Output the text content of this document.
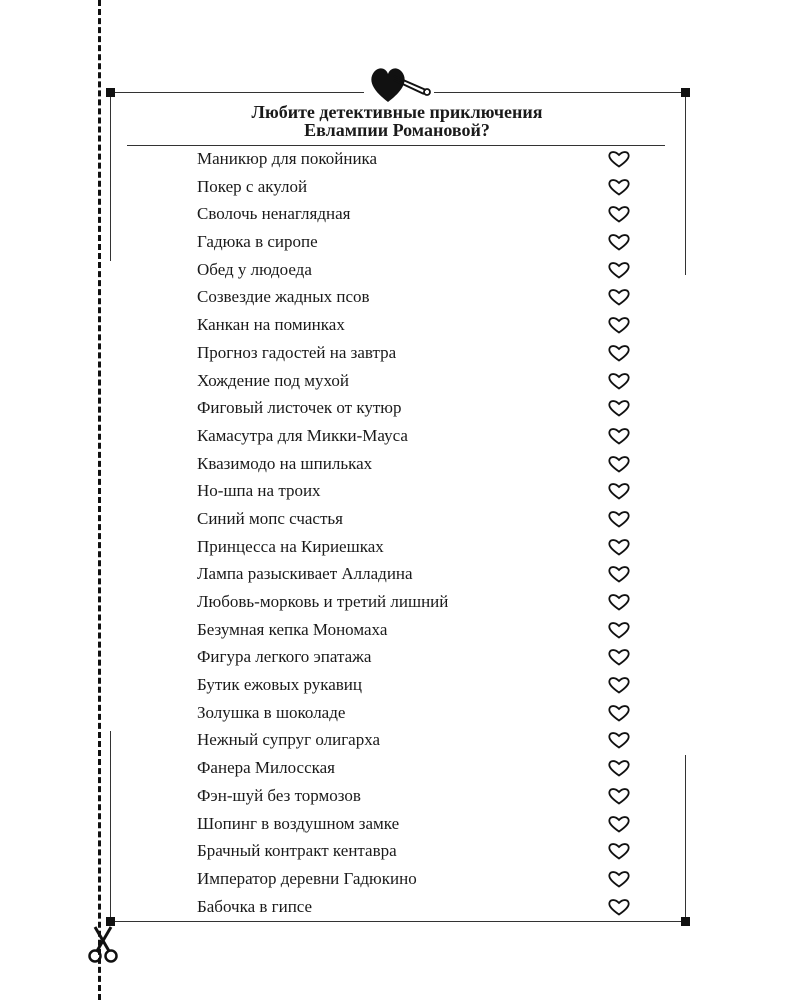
Любите детективные приключения
Евлампии Романовой?
Маникюр для покойника
Покер с акулой
Сволочь ненаглядная
Гадюка в сиропе
Обед у людоеда
Созвездие жадных псов
Канкан на поминках
Прогноз гадостей на завтра
Хождение под мухой
Фиговый листочек от кутюр
Камасутра для Микки-Мауса
Квазимодо на шпильках
Но-шпа на троих
Синий мопс счастья
Принцесса на Кириешках
Лампа разыскивает Алладина
Любовь-морковь и третий лишний
Безумная кепка Мономаха
Фигура легкого эпатажа
Бутик ежовых рукавиц
Золушка в шоколаде
Нежный супруг олигарха
Фанера Милосская
Фэн-шуй без тормозов
Шопинг в воздушном замке
Брачный контракт кентавра
Император деревни Гадюкино
Бабочка в гипсе
